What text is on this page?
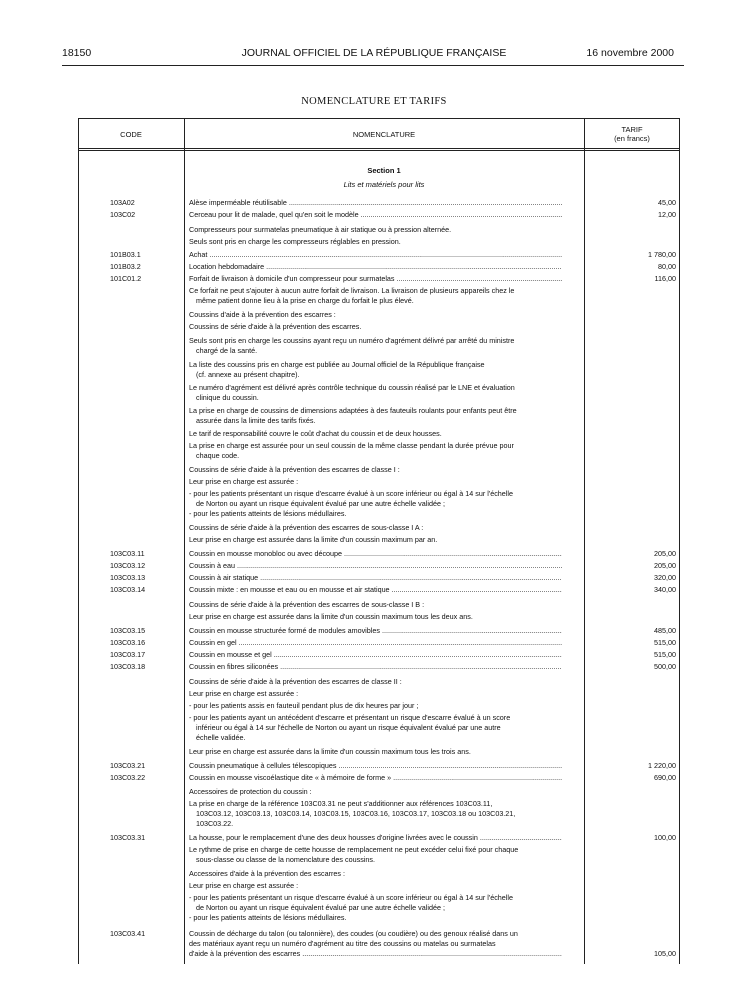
18150	JOURNAL OFFICIEL DE LA RÉPUBLIQUE FRANÇAISE	16 novembre 2000
NOMENCLATURE ET TARIFS
CODE	NOMENCLATURE
TARIF
(en francs)
Section 1
Lits et matériels pour lits
103A02	Alèse imperméable réutilisable .....	45,00
103C02	Cerceau pour lit de malade, quel qu'en soit le modèle .....	12,00
Compresseurs pour surmatelas pneumatique à air statique ou à pression alternée.
Seuls sont pris en charge les compresseurs réglables en pression.
101B03.1	Achat .....	1 780,00
101B03.2	Location hebdomadaire .....	80,00
101C01.2	Forfait de livraison à domicile d'un compresseur pour surmatelas .....	116,00
Ce forfait ne peut s'ajouter à aucun autre forfait de livraison. La livraison de plusieurs appareils chez le
même patient donne lieu à la prise en charge du forfait le plus élevé.
Coussins d'aide à la prévention des escarres :
Coussins de série d'aide à la prévention des escarres.
Seuls sont pris en charge les coussins ayant reçu un numéro d'agrément délivré par arrêté du ministre
chargé de la santé.
La liste des coussins pris en charge est publiée au Journal officiel de la République française
(cf. annexe au présent chapitre).
Le numéro d'agrément est délivré après contrôle technique du coussin réalisé par le LNE et évaluation
clinique du coussin.
La prise en charge de coussins de dimensions adaptées à des fauteuils roulants pour enfants peut être
assurée dans la limite des tarifs fixés.
Le tarif de responsabilité couvre le coût d'achat du coussin et de deux housses.
La prise en charge est assurée pour un seul coussin de la même classe pendant la durée prévue pour
chaque code.
Coussins de série d'aide à la prévention des escarres de classe I :
Leur prise en charge est assurée :
- pour les patients présentant un risque d'escarre évalué à un score inférieur ou égal à 14 sur l'échelle
de Norton ou ayant un risque équivalent évalué par une autre échelle validée ;
- pour les patients atteints de lésions médullaires.
Coussins de série d'aide à la prévention des escarres de sous-classe I A :
Leur prise en charge est assurée dans la limite d'un coussin maximum par an.
103C03.11	Coussin en mousse monobloc ou avec découpe .....	205,00
103C03.12	Coussin à eau .....	205,00
103C03.13	Coussin à air statique .....	320,00
103C03.14	Coussin mixte : en mousse et eau ou en mousse et air statique .....	340,00
Coussins de série d'aide à la prévention des escarres de sous-classe I B :
Leur prise en charge est assurée dans la limite d'un coussin maximum tous les deux ans.
103C03.15	Coussin en mousse structurée formé de modules amovibles .....	485,00
103C03.16	Coussin en gel .....	515,00
103C03.17	Coussin en mousse et gel .....	515,00
103C03.18	Coussin en fibres siliconées .....	500,00
Coussins de série d'aide à la prévention des escarres de classe II :
Leur prise en charge est assurée :
- pour les patients assis en fauteuil pendant plus de dix heures par jour ;
- pour les patients ayant un antécédent d'escarre et présentant un risque d'escarre évalué à un score
inférieur ou égal à 14 sur l'échelle de Norton ou ayant un risque équivalent évalué par une autre
échelle validée.
Leur prise en charge est assurée dans la limite d'un coussin maximum tous les trois ans.
103C03.21	Coussin pneumatique à cellules télescopiques .....	1 220,00
103C03.22	Coussin en mousse viscoélastique dite « à mémoire de forme » .....	690,00
Accessoires de protection du coussin :
La prise en charge de la référence 103C03.31 ne peut s'additionner aux références 103C03.11,
103C03.12, 103C03.13, 103C03.14, 103C03.15, 103C03.16, 103C03.17, 103C03.18 ou 103C03.21,
103C03.22.
103C03.31	La housse, pour le remplacement d'une des deux housses d'origine livrées avec le coussin .....	100,00
Le rythme de prise en charge de cette housse de remplacement ne peut excéder celui fixé pour chaque
sous-classe ou classe de la nomenclature des coussins.
Accessoires d'aide à la prévention des escarres :
Leur prise en charge est assurée :
- pour les patients présentant un risque d'escarre évalué à un score inférieur ou égal à 14 sur l'échelle
de Norton ou ayant un risque équivalent évalué par une autre échelle validée ;
- pour les patients atteints de lésions médullaires.
103C03.41	Coussin de décharge du talon (ou talonnière), des coudes (ou coudière) ou des genoux réalisé dans un
des matériaux ayant reçu un numéro d'agrément au titre des coussins ou matelas ou surmatelas
d'aide à la prévention des escarres .....	105,00
